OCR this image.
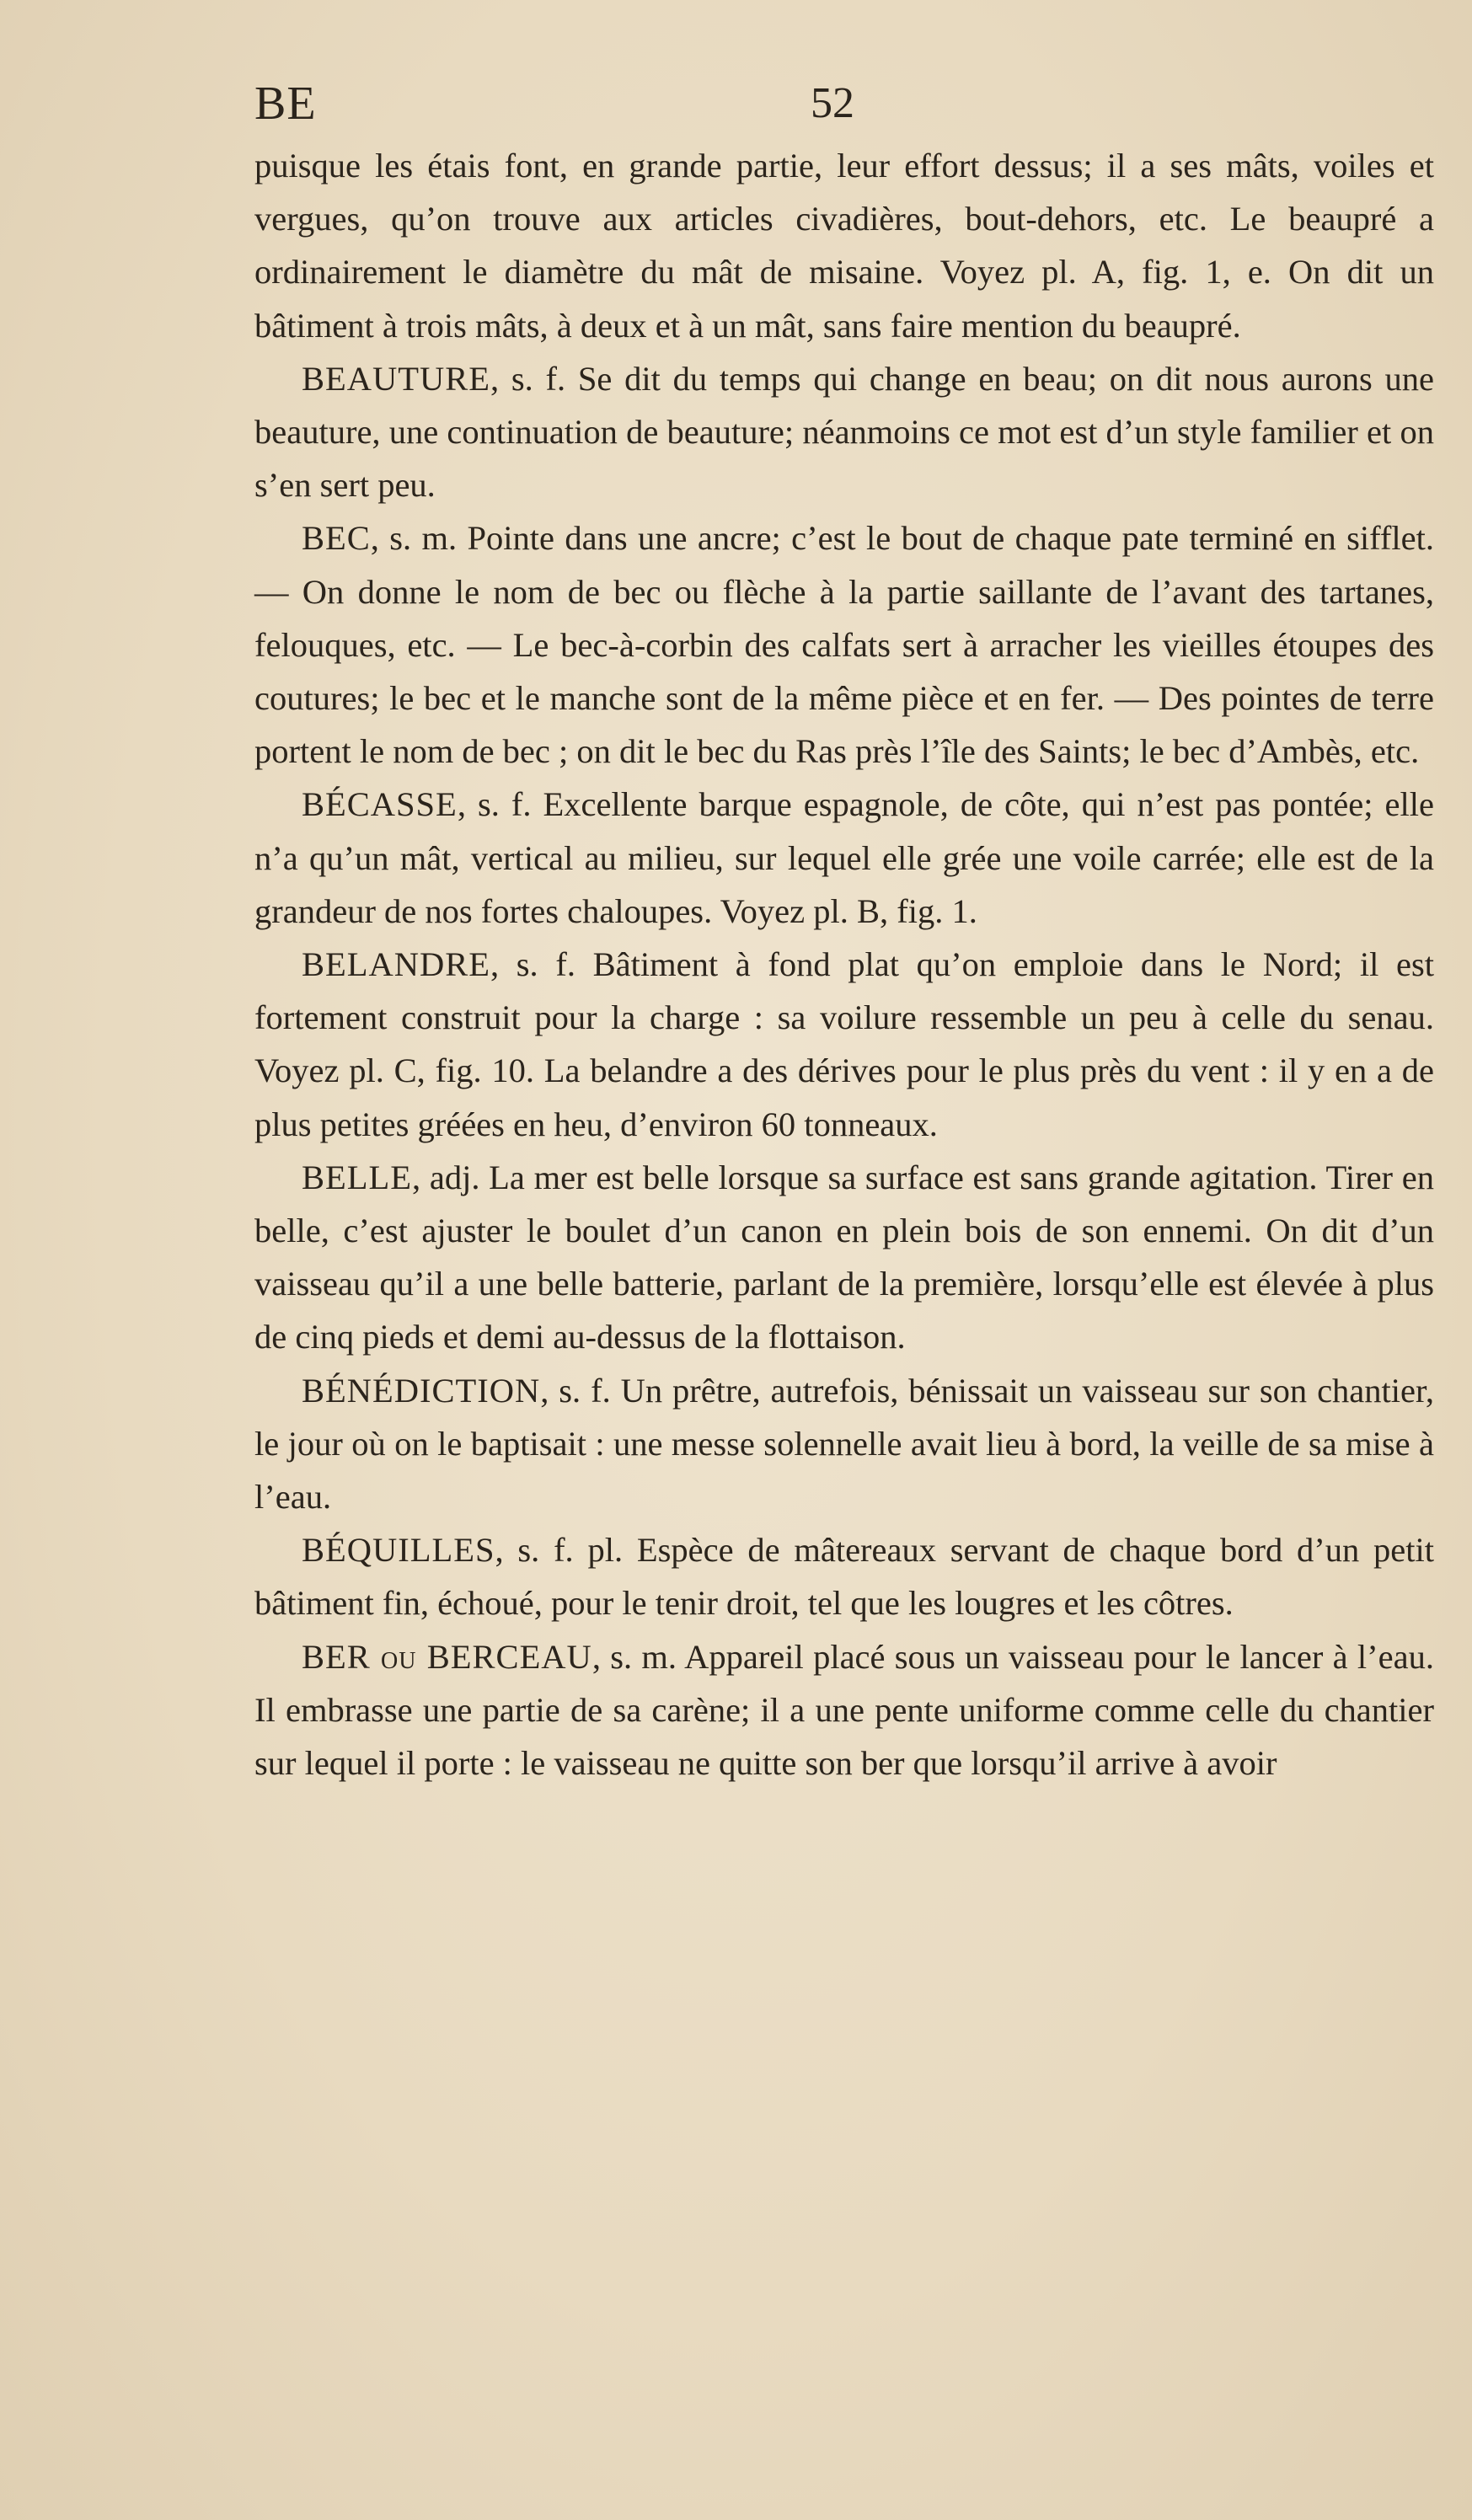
BE	52

puisque les étais font, en grande partie, leur effort dessus; il a ses mâts, voiles et vergues, qu’on trouve aux articles civadières, bout-dehors, etc. Le beaupré a ordinairement le diamètre du mât de misaine. Voyez pl. A, fig. 1, e. On dit un bâtiment à trois mâts, à deux et à un mât, sans faire mention du beaupré.

BEAUTURE, s. f. Se dit du temps qui change en beau; on dit nous aurons une beauture, une continuation de beauture; néanmoins ce mot est d’un style familier et on s’en sert peu.

BEC, s. m. Pointe dans une ancre; c’est le bout de chaque pate terminé en sifflet. — On donne le nom de bec ou flèche à la partie saillante de l’avant des tartanes, felouques, etc. — Le bec-à-corbin des calfats sert à arracher les vieilles étoupes des coutures; le bec et le manche sont de la même pièce et en fer. — Des pointes de terre portent le nom de bec ; on dit le bec du Ras près l’île des Saints; le bec d’Ambès, etc.

BÉCASSE, s. f. Excellente barque espagnole, de côte, qui n’est pas pontée; elle n’a qu’un mât, vertical au milieu, sur lequel elle grée une voile carrée; elle est de la grandeur de nos fortes chaloupes. Voyez pl. B, fig. 1.

BELANDRE, s. f. Bâtiment à fond plat qu’on emploie dans le Nord; il est fortement construit pour la charge : sa voilure ressemble un peu à celle du senau. Voyez pl. C, fig. 10. La belandre a des dérives pour le plus près du vent : il y en a de plus petites gréées en heu, d’environ 60 tonneaux.

BELLE, adj. La mer est belle lorsque sa surface est sans grande agitation. Tirer en belle, c’est ajuster le boulet d’un canon en plein bois de son ennemi. On dit d’un vaisseau qu’il a une belle batterie, parlant de la première, lorsqu’elle est élevée à plus de cinq pieds et demi au-dessus de la flottaison.

BÉNÉDICTION, s. f. Un prêtre, autrefois, bénissait un vaisseau sur son chantier, le jour où on le baptisait : une messe solennelle avait lieu à bord, la veille de sa mise à l’eau.

BÉQUILLES, s. f. pl. Espèce de mâtereaux servant de chaque bord d’un petit bâtiment fin, échoué, pour le tenir droit, tel que les lougres et les côtres.

BER ou BERCEAU, s. m. Appareil placé sous un vaisseau pour le lancer à l’eau. Il embrasse une partie de sa carène; il a une pente uniforme comme celle du chantier sur lequel il porte : le vaisseau ne quitte son ber que lorsqu’il arrive à avoir
